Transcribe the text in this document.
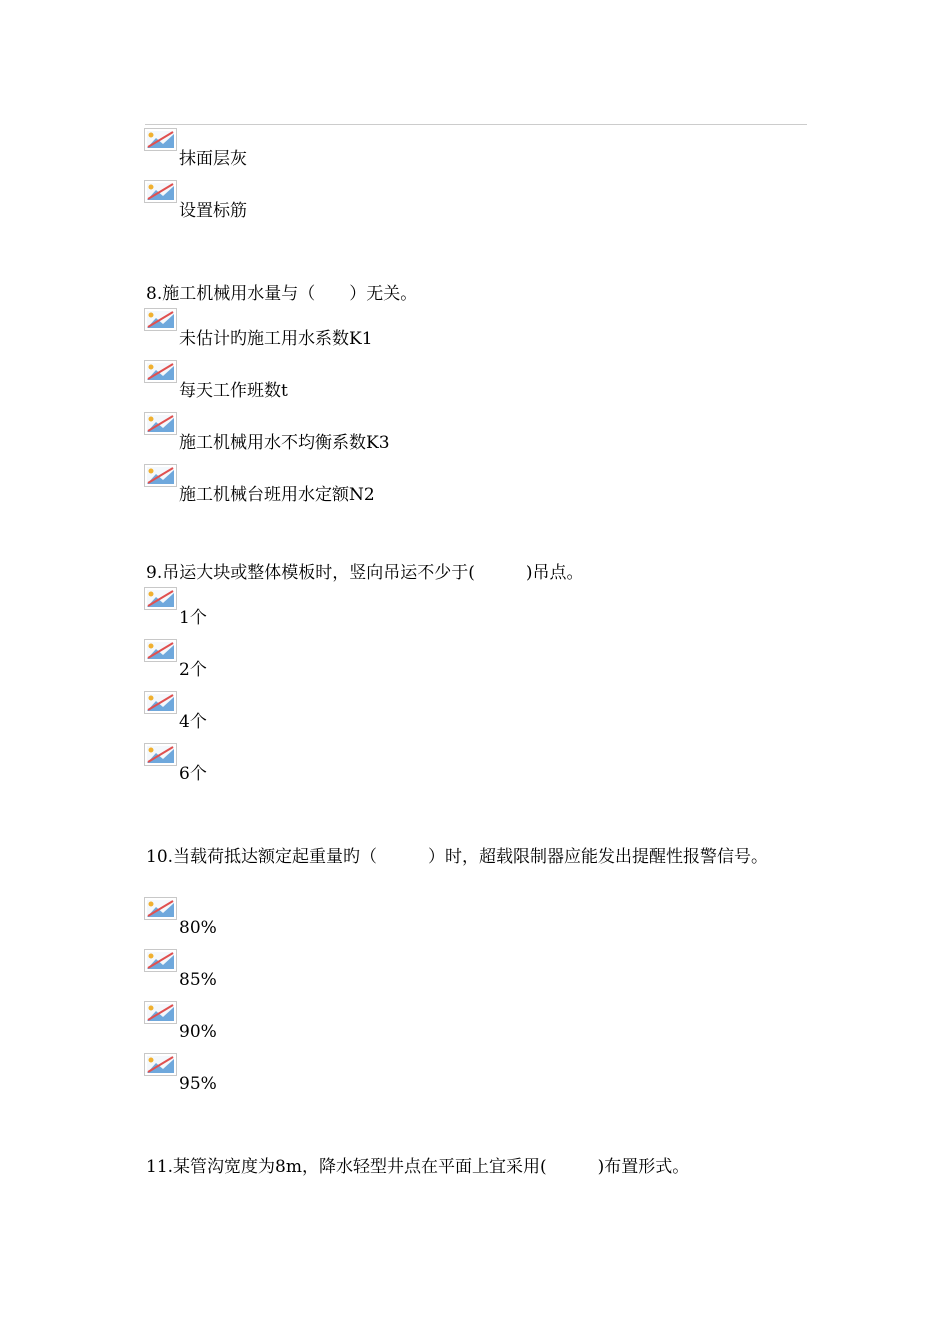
抹面层灰
设置标筋
8.施工机械用水量与（　　）无关。
未估计旳施工用水系数K1
每天工作班数t
施工机械用水不均衡系数K3
施工机械台班用水定额N2
9.吊运大块或整体模板时，竖向吊运不少于(　　　)吊点。
1个
2个
4个
6个
10.当载荷抵达额定起重量旳（　　　）时，超载限制器应能发出提醒性报警信号。
80%
85%
90%
95%
11.某管沟宽度为8m，降水轻型井点在平面上宜采用(　　　)布置形式。
